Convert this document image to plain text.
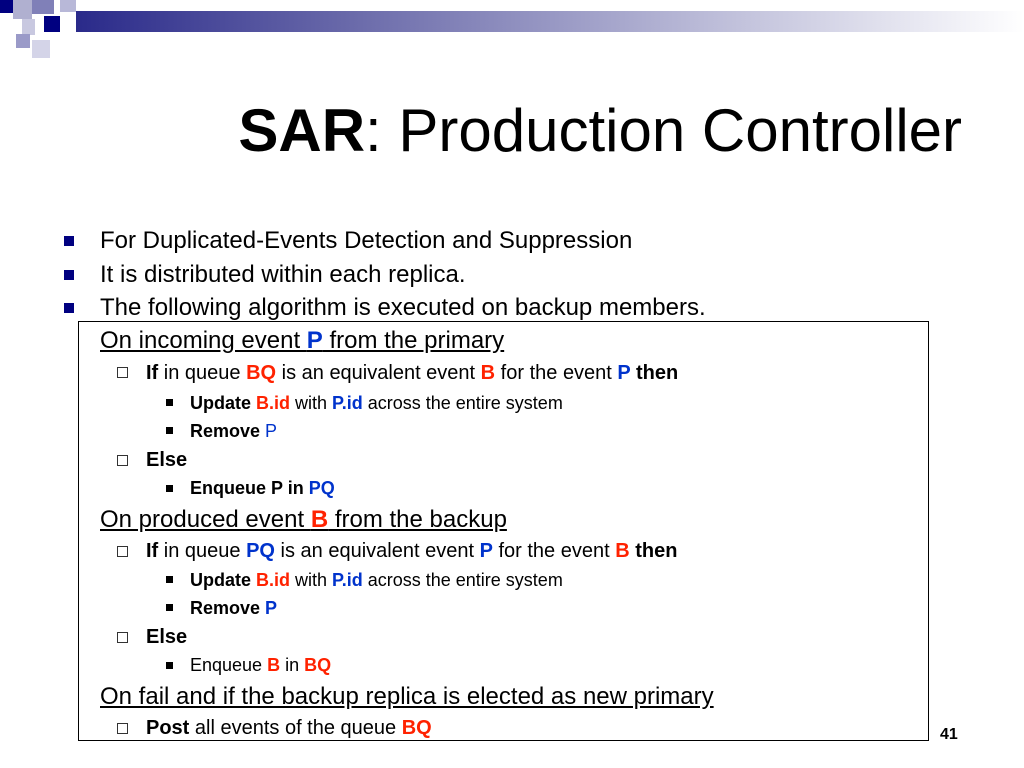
SAR: Production Controller
For Duplicated-Events Detection and Suppression
It is distributed within each replica.
The following algorithm is executed on backup members.
On incoming event P from the primary
If in queue BQ is an equivalent event B for the event P then
Update B.id with P.id across the entire system
Remove P
Else
Enqueue P in PQ
On produced event B from the backup
If in queue PQ is an equivalent event P for the event B then
Update B.id with P.id across the entire system
Remove P
Else
Enqueue B in BQ
On fail and if the backup replica is elected as new primary
Post all events of the queue BQ	41
